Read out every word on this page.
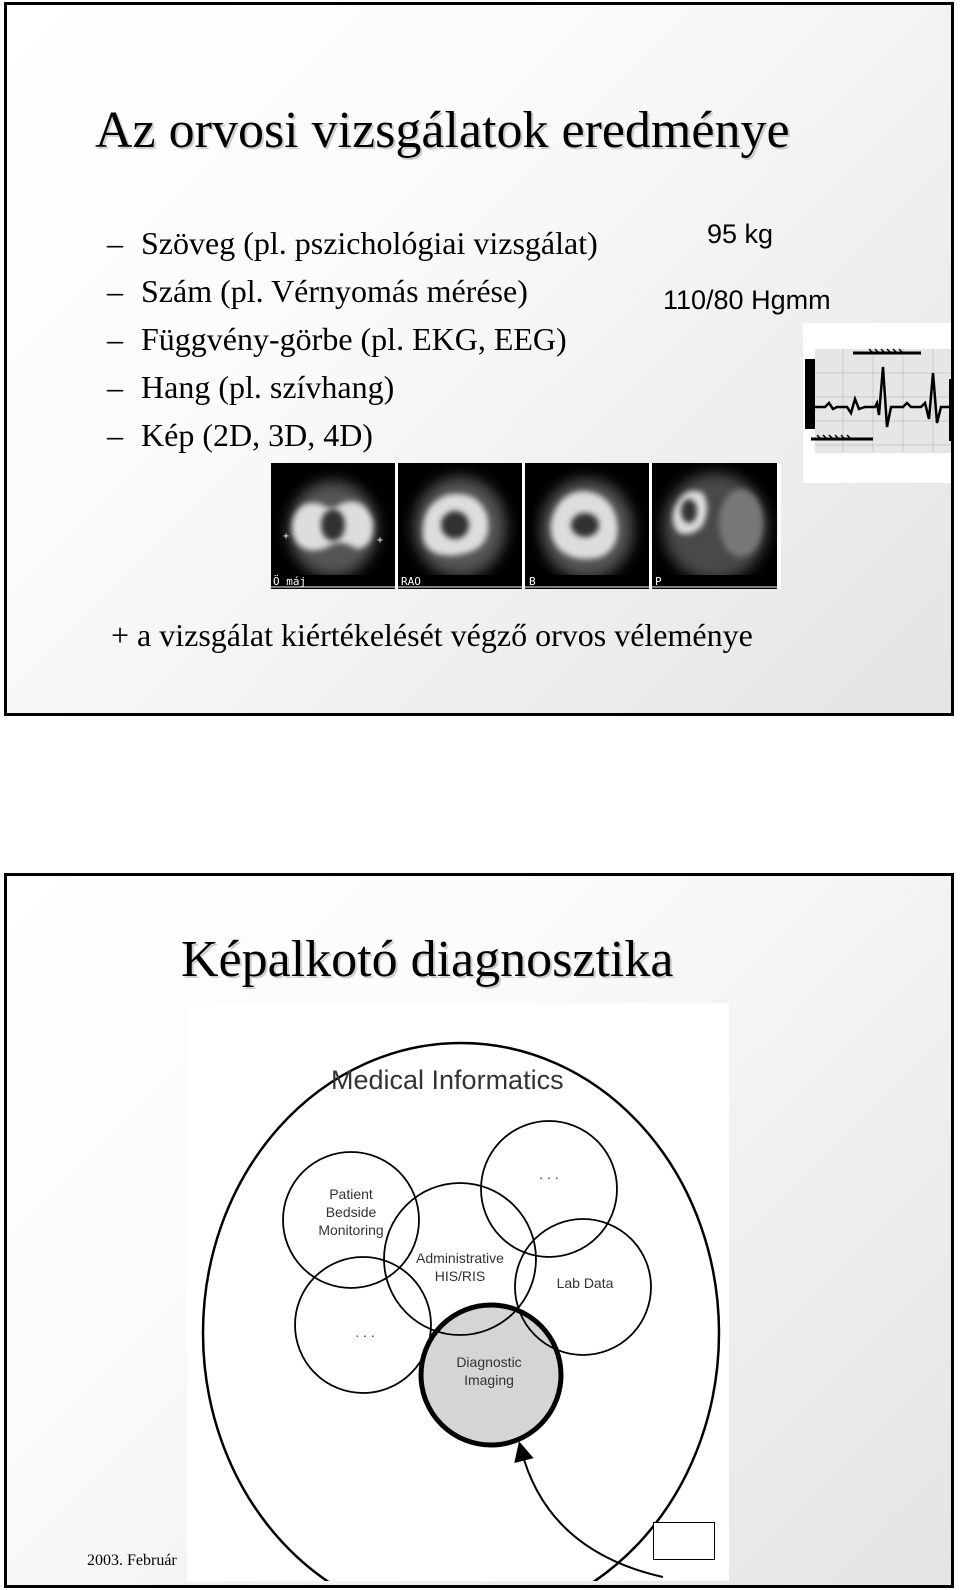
Az orvosi vizsgálatok eredménye
– Szöveg (pl. pszichológiai vizsgálat)
– Szám (pl. Vérnyomás mérése)
– Függvény-görbe (pl. EKG, EEG)
– Hang (pl. szívhang)
– Kép (2D, 3D, 4D)
95 kg
110/80 Hgmm
+	+
Ö máj	RAO	B	P
+ a vizsgálat kiértékelését végző orvos véleménye
Képalkotó diagnosztika
Medical Informatics
Patient
Bedside
Monitoring
Administrative
HIS/RIS	Lab Data
Diagnostic
Imaging
. . .
. . .
2003. Február
